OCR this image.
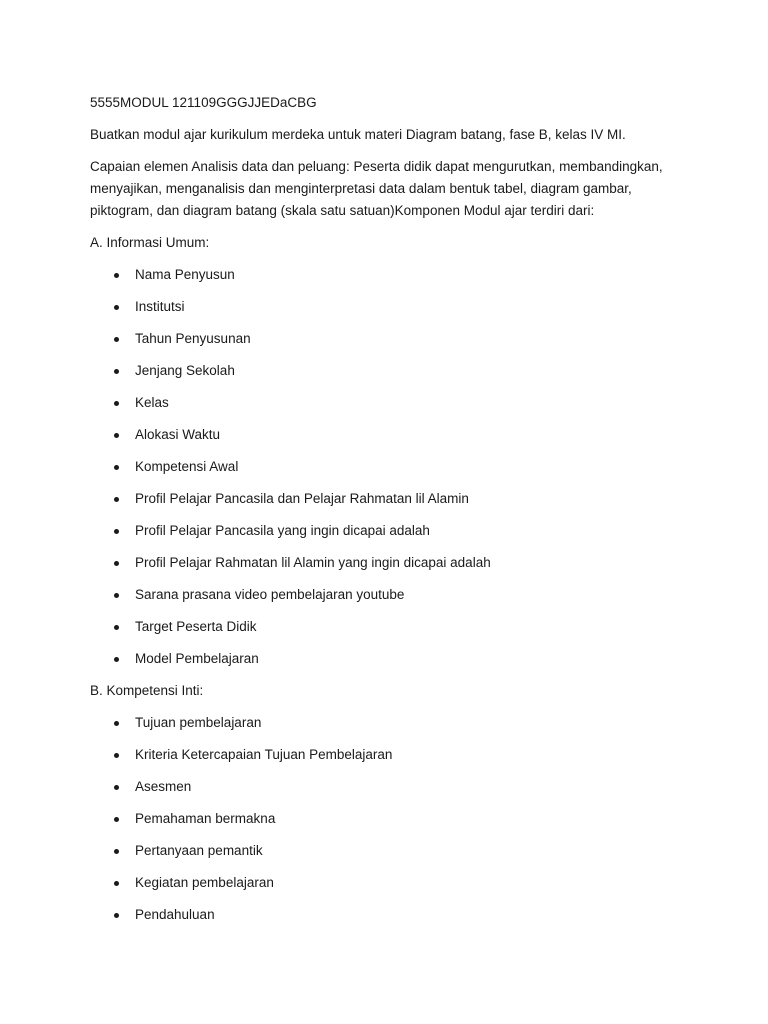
5555MODUL 121109GGGJJEDaCBG

Buatkan modul ajar kurikulum merdeka untuk materi Diagram batang, fase B, kelas IV MI.

Capaian elemen Analisis data dan peluang: Peserta didik dapat mengurutkan, membandingkan, menyajikan, menganalisis dan menginterpretasi data dalam bentuk tabel, diagram gambar, piktogram, dan diagram batang (skala satu satuan)Komponen Modul ajar terdiri dari:

A. Informasi Umum:

Nama Penyusun
Institutsi
Tahun Penyusunan
Jenjang Sekolah
Kelas
Alokasi Waktu
Kompetensi Awal
Profil Pelajar Pancasila dan Pelajar Rahmatan lil Alamin
Profil Pelajar Pancasila yang ingin dicapai adalah
Profil Pelajar Rahmatan lil Alamin yang ingin dicapai adalah
Sarana prasana video pembelajaran youtube
Target Peserta Didik
Model Pembelajaran

B. Kompetensi Inti:

Tujuan pembelajaran
Kriteria Ketercapaian Tujuan Pembelajaran
Asesmen
Pemahaman bermakna
Pertanyaan pemantik
Kegiatan pembelajaran
Pendahuluan
